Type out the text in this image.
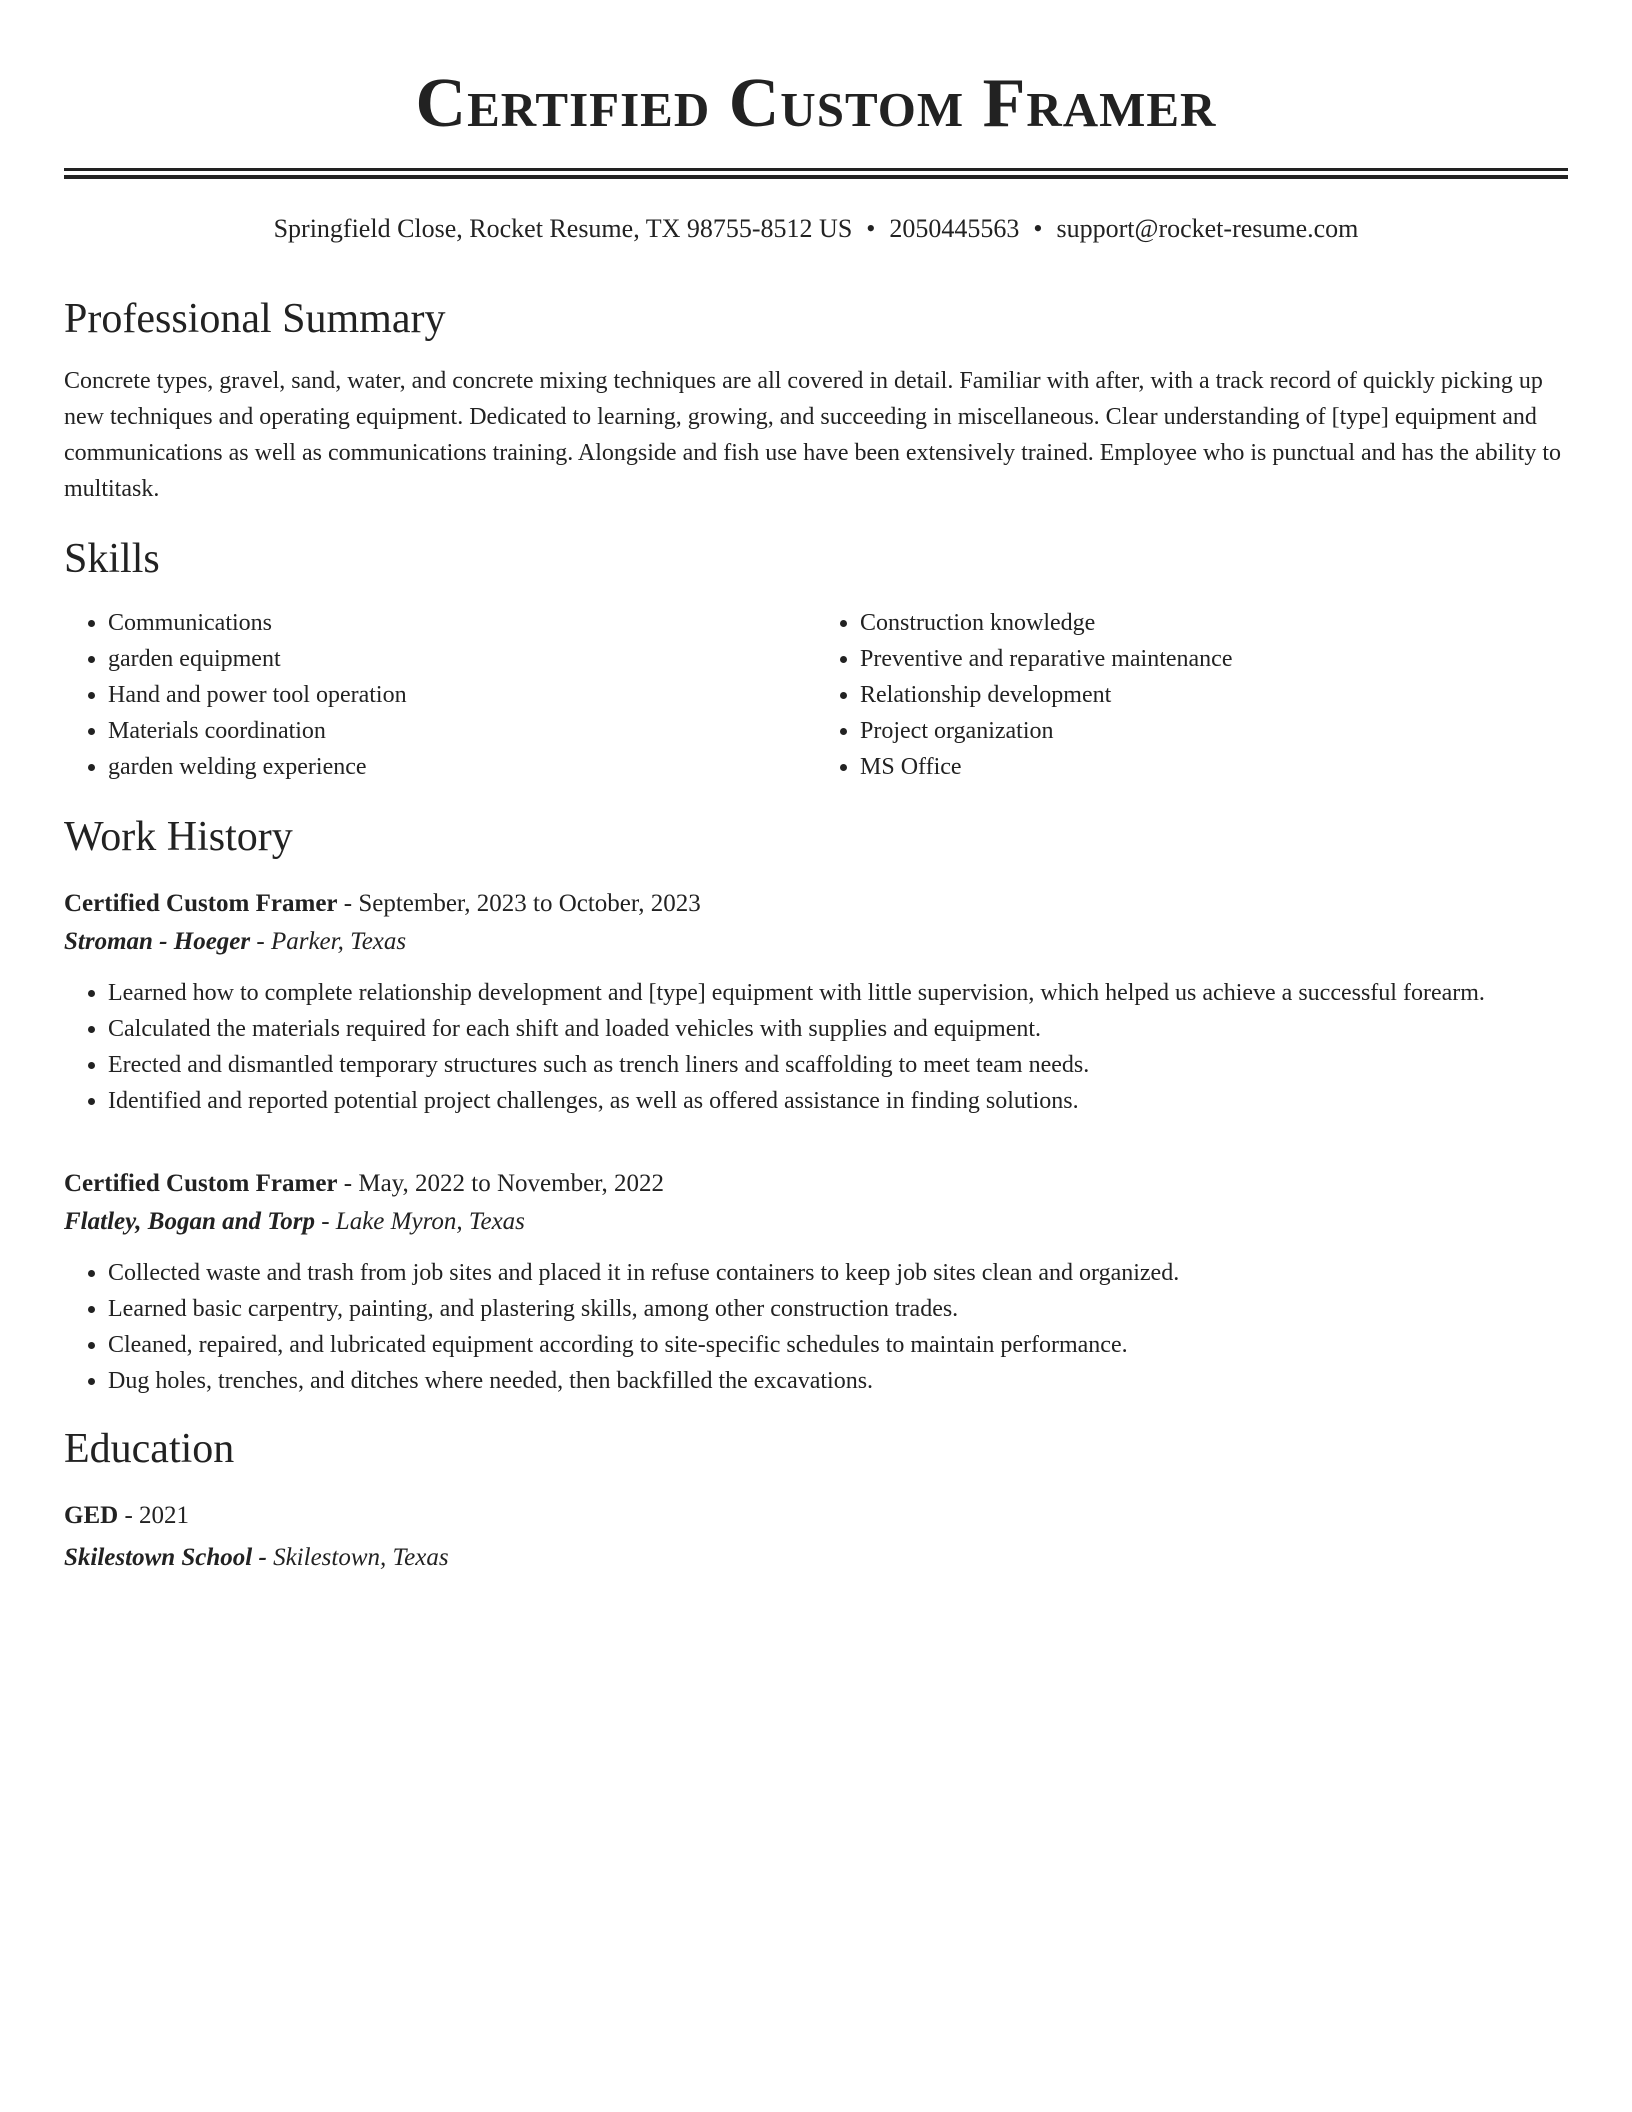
Certified Custom Framer
Springfield Close, Rocket Resume, TX 98755-8512 US • 2050445563 • support@rocket-resume.com
Professional Summary

Concrete types, gravel, sand, water, and concrete mixing techniques are all covered in detail. Familiar with after, with a track record of quickly picking up new techniques and operating equipment. Dedicated to learning, growing, and succeeding in miscellaneous. Clear understanding of [type] equipment and communications as well as communications training. Alongside and fish use have been extensively trained. Employee who is punctual and has the ability to multitask.

Skills
• Communications
• garden equipment
• Hand and power tool operation
• Materials coordination
• garden welding experience
• Construction knowledge
• Preventive and reparative maintenance
• Relationship development
• Project organization
• MS Office
Work History
Certified Custom Framer - September, 2023 to October, 2023
Stroman - Hoeger - Parker, Texas
• Learned how to complete relationship development and [type] equipment with little supervision, which helped us achieve a successful forearm.
• Calculated the materials required for each shift and loaded vehicles with supplies and equipment.
• Erected and dismantled temporary structures such as trench liners and scaffolding to meet team needs.
• Identified and reported potential project challenges, as well as offered assistance in finding solutions.
Certified Custom Framer - May, 2022 to November, 2022
Flatley, Bogan and Torp - Lake Myron, Texas
• Collected waste and trash from job sites and placed it in refuse containers to keep job sites clean and organized.
• Learned basic carpentry, painting, and plastering skills, among other construction trades.
• Cleaned, repaired, and lubricated equipment according to site-specific schedules to maintain performance.
• Dug holes, trenches, and ditches where needed, then backfilled the excavations.
Education
GED - 2021
Skilestown School - Skilestown, Texas
